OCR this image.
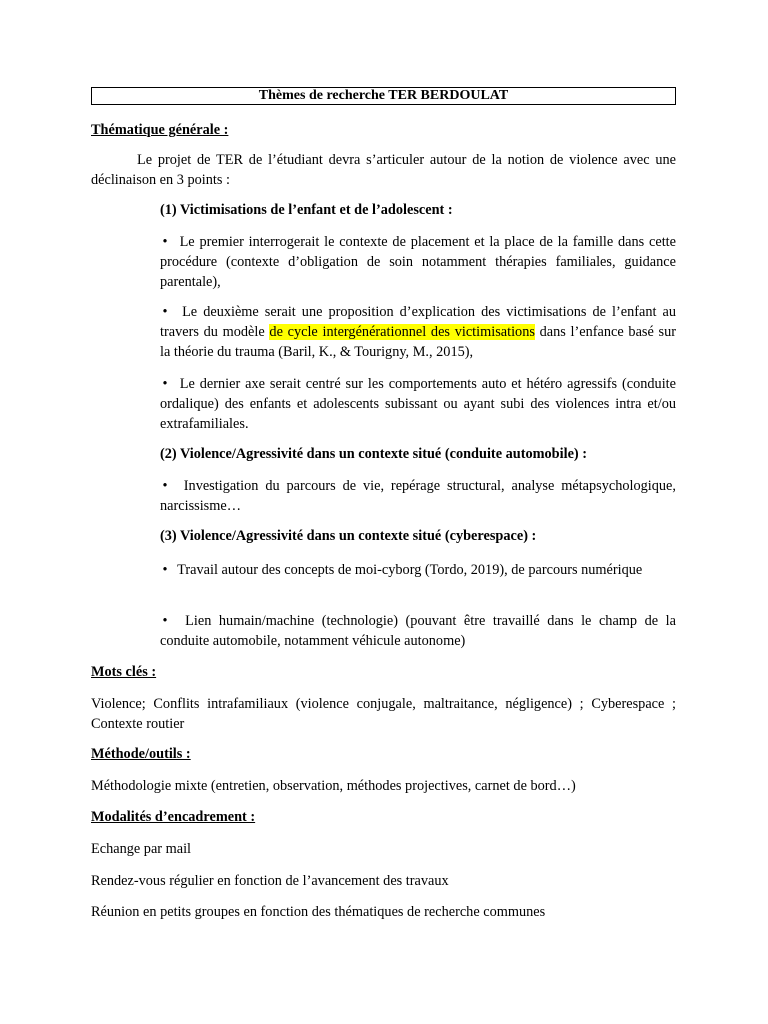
Thèmes de recherche TER BERDOULAT
Thématique générale :

Le projet de TER de l’étudiant devra s’articuler autour de la notion de violence avec une déclinaison en 3 points :

(1) Victimisations de l’enfant et de l’adolescent :

• Le premier interrogerait le contexte de placement et la place de la famille dans cette procédure (contexte d’obligation de soin notamment thérapies familiales, guidance parentale),

• Le deuxième serait une proposition d’explication des victimisations de l’enfant au travers du modèle de cycle intergénérationnel des victimisations dans l’enfance basé sur la théorie du trauma (Baril, K., & Tourigny, M., 2015),

• Le dernier axe serait centré sur les comportements auto et hétéro agressifs (conduite ordalique) des enfants et adolescents subissant ou ayant subi des violences intra et/ou extrafamiliales.

(2) Violence/Agressivité dans un contexte situé (conduite automobile) :

• Investigation du parcours de vie, repérage structural, analyse métapsychologique, narcissisme…

(3) Violence/Agressivité dans un contexte situé (cyberespace) :

• Travail autour des concepts de moi-cyborg (Tordo, 2019), de parcours numérique

• Lien humain/machine (technologie) (pouvant être travaillé dans le champ de la conduite automobile, notamment véhicule autonome)

Mots clés :

Violence; Conflits intrafamiliaux (violence conjugale, maltraitance, négligence) ; Cyberespace ; Contexte routier

Méthode/outils :
Méthodologie mixte (entretien, observation, méthodes projectives, carnet de bord…)
Modalités d’encadrement :
Echange par mail
Rendez-vous régulier en fonction de l’avancement des travaux
Réunion en petits groupes en fonction des thématiques de recherche communes
